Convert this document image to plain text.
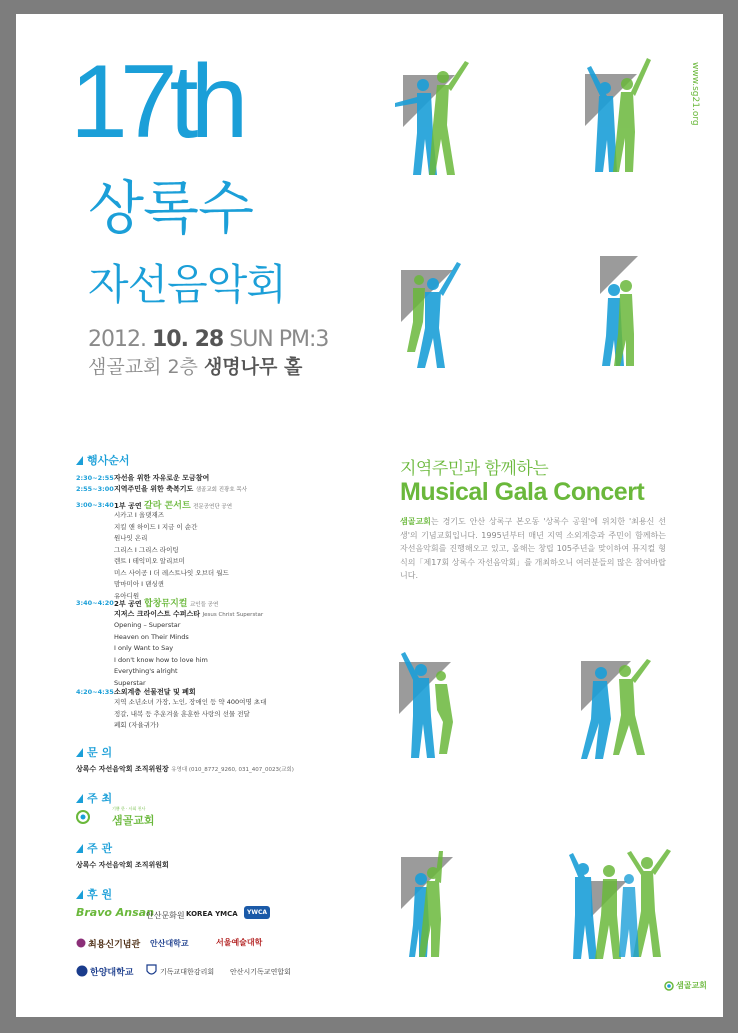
17th
상록수
자선음악회
2012. 10. 28 SUN PM:3
샘골교회 2층 생명나무 홀
www.sg21.org
행사순서
2:30~2:55 자선을 위한 자유로운 모금참여
2:55~3:00 지역주민을 위한 축복기도 샘골교회 진광호 목사
3:00~3:40 1부 공연 갈라 콘서트 전문공연단 공연
시카고 I 올댓재즈
지킬 앤 하이드 I 지금 이 순간
원나잇 온리
그리스 I 그리스 라이팅
렌트 I 테익미오 알리브미
미스 사이공 I 더 레스트나잇 오브더 월드
맘마미아 I 댄싱퀸
유아디원
3:40~4:20 2부 공연 합창뮤지컬 교인들 공연
지저스 크라이스트 수퍼스타 Jesus Christ Superstar
Opening – Superstar
Heaven on Their Minds
I only Want to Say
I don't know how to love him
Everything's alright
Superstar
4:20~4:35 소외계층 선물전달 및 폐회
지역 소년소녀 가장, 노인, 장애인 등 약 400여명 초대
정갈, 내복 등 추운겨울 훈훈한 사랑의 선물 전달
폐회 (자율귀가)
문 의
상록수 자선음악회 조직위원장 유영대 (010_8772_9260, 031_407_0023(교회)
주 최
기쁨 한 · 사회 천사
샘골교회
주 관
상록수 자선음악회 조직위원회
후 원
Bravo Ansan
안산문화원 KOREA YMCA	YWCA
최용신기념관 안산대학교	서울예술대학
한양대학교	기독교대한감리회 안산시기독교연합회
지역주민과 함께하는
Musical Gala Concert
샘골교회는 경기도 안산 상록구 본오동 '상록수 공원'에 위치한 '최용신 선생'의 기념교회입니다. 1995년부터 매년 지역 소외계층과 주민이 함께하는 자선음악회를 진행해오고 있고, 올해는 창립 105주년을 맞이하여 뮤지컬 형식의「제17회 상록수 자선음악회」를 개최하오니 여러분들의 많은 참여바랍니다.
샘골교회
